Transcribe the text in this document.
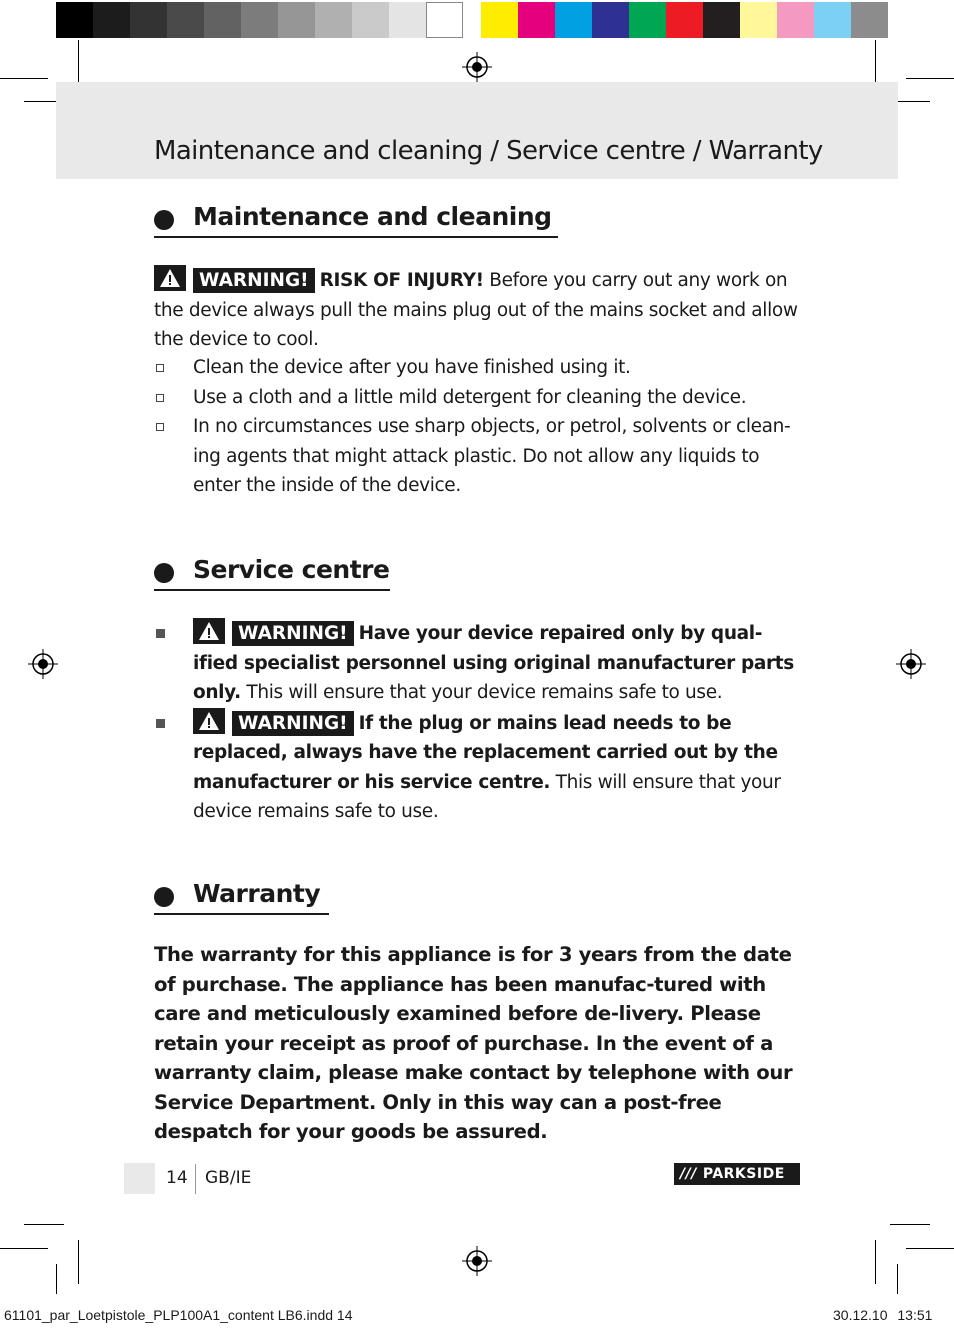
Maintenance and cleaning / Service centre / Warranty
Maintenance and cleaning

WARNING! RISK OF INJURY! Before you carry out any work on the device always pull the mains plug out of the mains socket and allow the device to cool.

Clean the device after you have finished using it.
Use a cloth and a little mild detergent for cleaning the device.
In no circumstances use sharp objects, or petrol, solvents or clean-ing agents that might attack plastic. Do not allow any liquids to enter the inside of the device.
Service centre
WARNING! Have your device repaired only by qual-ified specialist personnel using original manufacturer parts only. This will ensure that your device remains safe to use.
WARNING! If the plug or mains lead needs to be replaced, always have the replacement carried out by the manufacturer or his service centre. This will ensure that your device remains safe to use.
Warranty

The warranty for this appliance is for 3 years from the date of purchase. The appliance has been manufac-tured with care and meticulously examined before de-livery. Please retain your receipt as proof of purchase. In the event of a warranty claim, please make contact by telephone with our Service Department. Only in this way can a post-free despatch for your goods be assured.

14 GB/IE	/// PARKSIDE
61101_par_Loetpistole_PLP100A1_content LB6.indd 14	30.12.10 13:51
